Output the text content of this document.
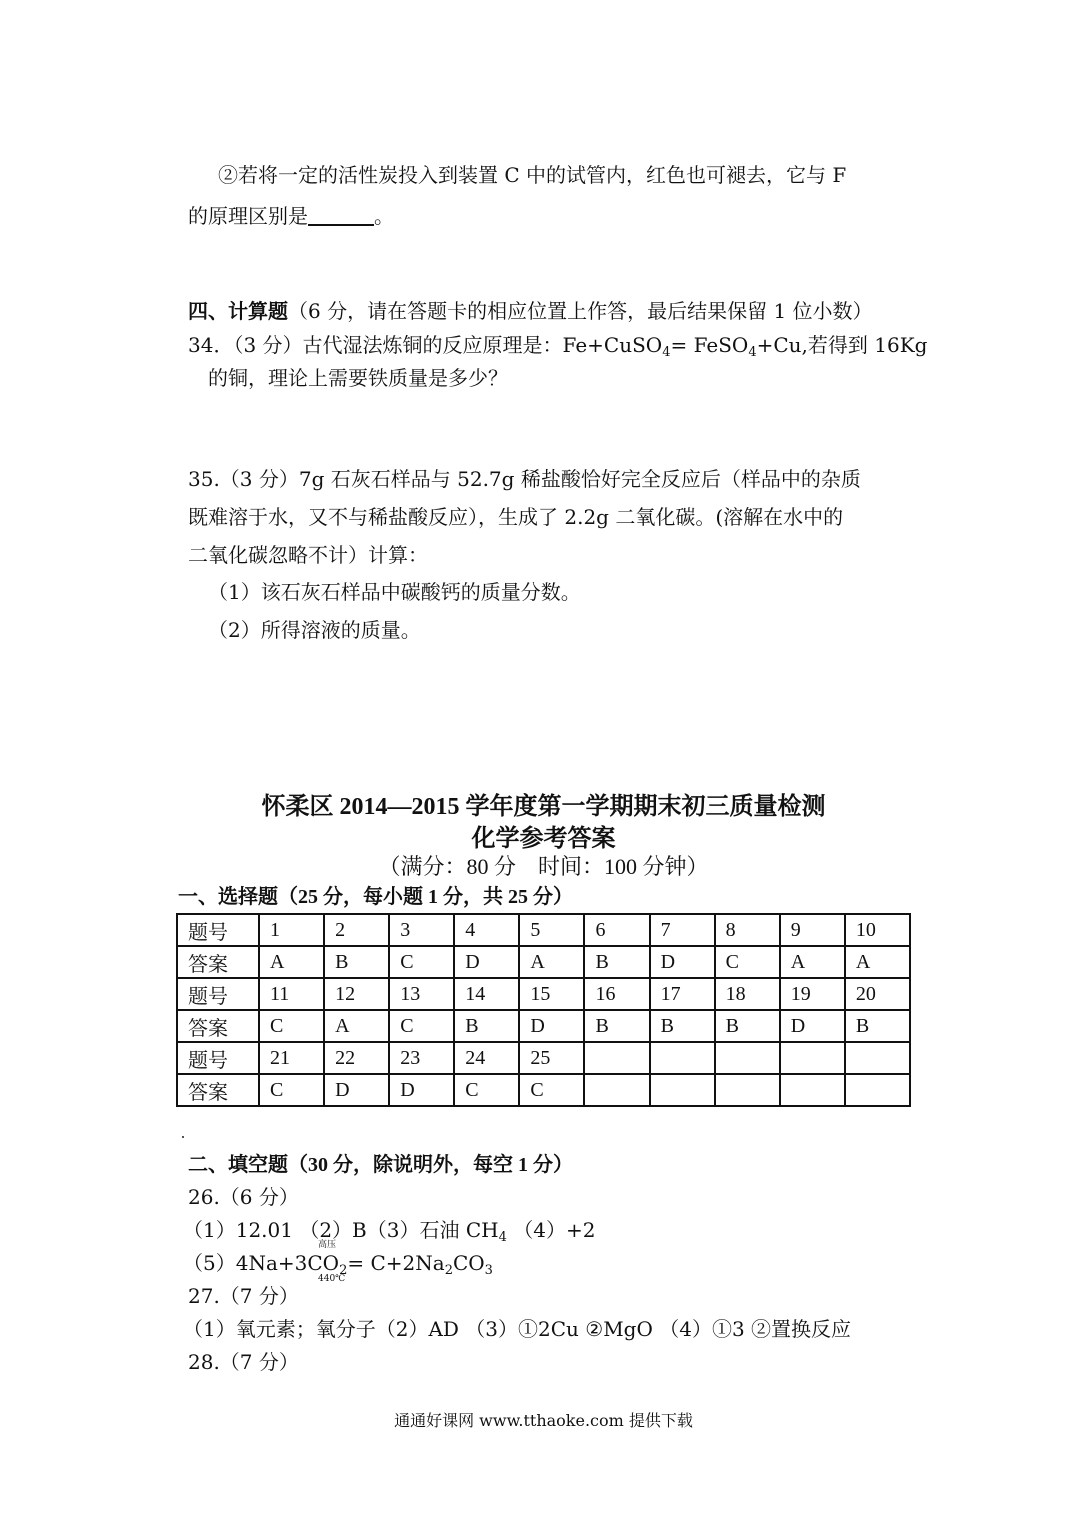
②若将一定的活性炭投入到装置 C 中的试管内，红色也可褪去，它与 F
的原理区别是	。
四、计算题（6 分，请在答题卡的相应位置上作答，最后结果保留 1 位小数）
34．（3 分）古代湿法炼铜的反应原理是：Fe+CuSO$_4$= FeSO$_4$+Cu,若得到 16Kg
的铜，理论上需要铁质量是多少？
35.（3 分）7g 石灰石样品与 52.7g 稀盐酸恰好完全反应后（样品中的杂质
既难溶于水，又不与稀盐酸反应），生成了 2.2g 二氧化碳。(溶解在水中的
二氧化碳忽略不计）计算：
（1）该石灰石样品中碳酸钙的质量分数。
（2）所得溶液的质量。
怀柔区 2014—2015 学年度第一学期期末初三质量检测
化学参考答案
（满分：80 分　时间：100 分钟）
一、选择题（25 分，每小题 1 分，共 25 分）
题号	1	2	3	4	5	6	7	8	9	10
答案	A	B	C	D	A	B	D	C	A	A
题号	11	12	13	14	15	16	17	18	19	20
答案	C	A	C	B	D	B	B	B	D	B
题号	21	22	23	24	25					
答案	C	D	D	C	C					
二、填空题（30 分，除说明外，每空 1 分）
26.（6 分）
（1）12.01 （2）B（3）石油 $CH_4$ （4）+2
$(5)4Na+3CO_2= C+2Na_2CO_3$
高压
440℃
27.（7 分）
（1）氧元素；氧分子（2）AD （3）①2Cu ②MgO （4）①3 ②置换反应
28.（7 分）
通通好课网 www.tthaoke.com 提供下载
